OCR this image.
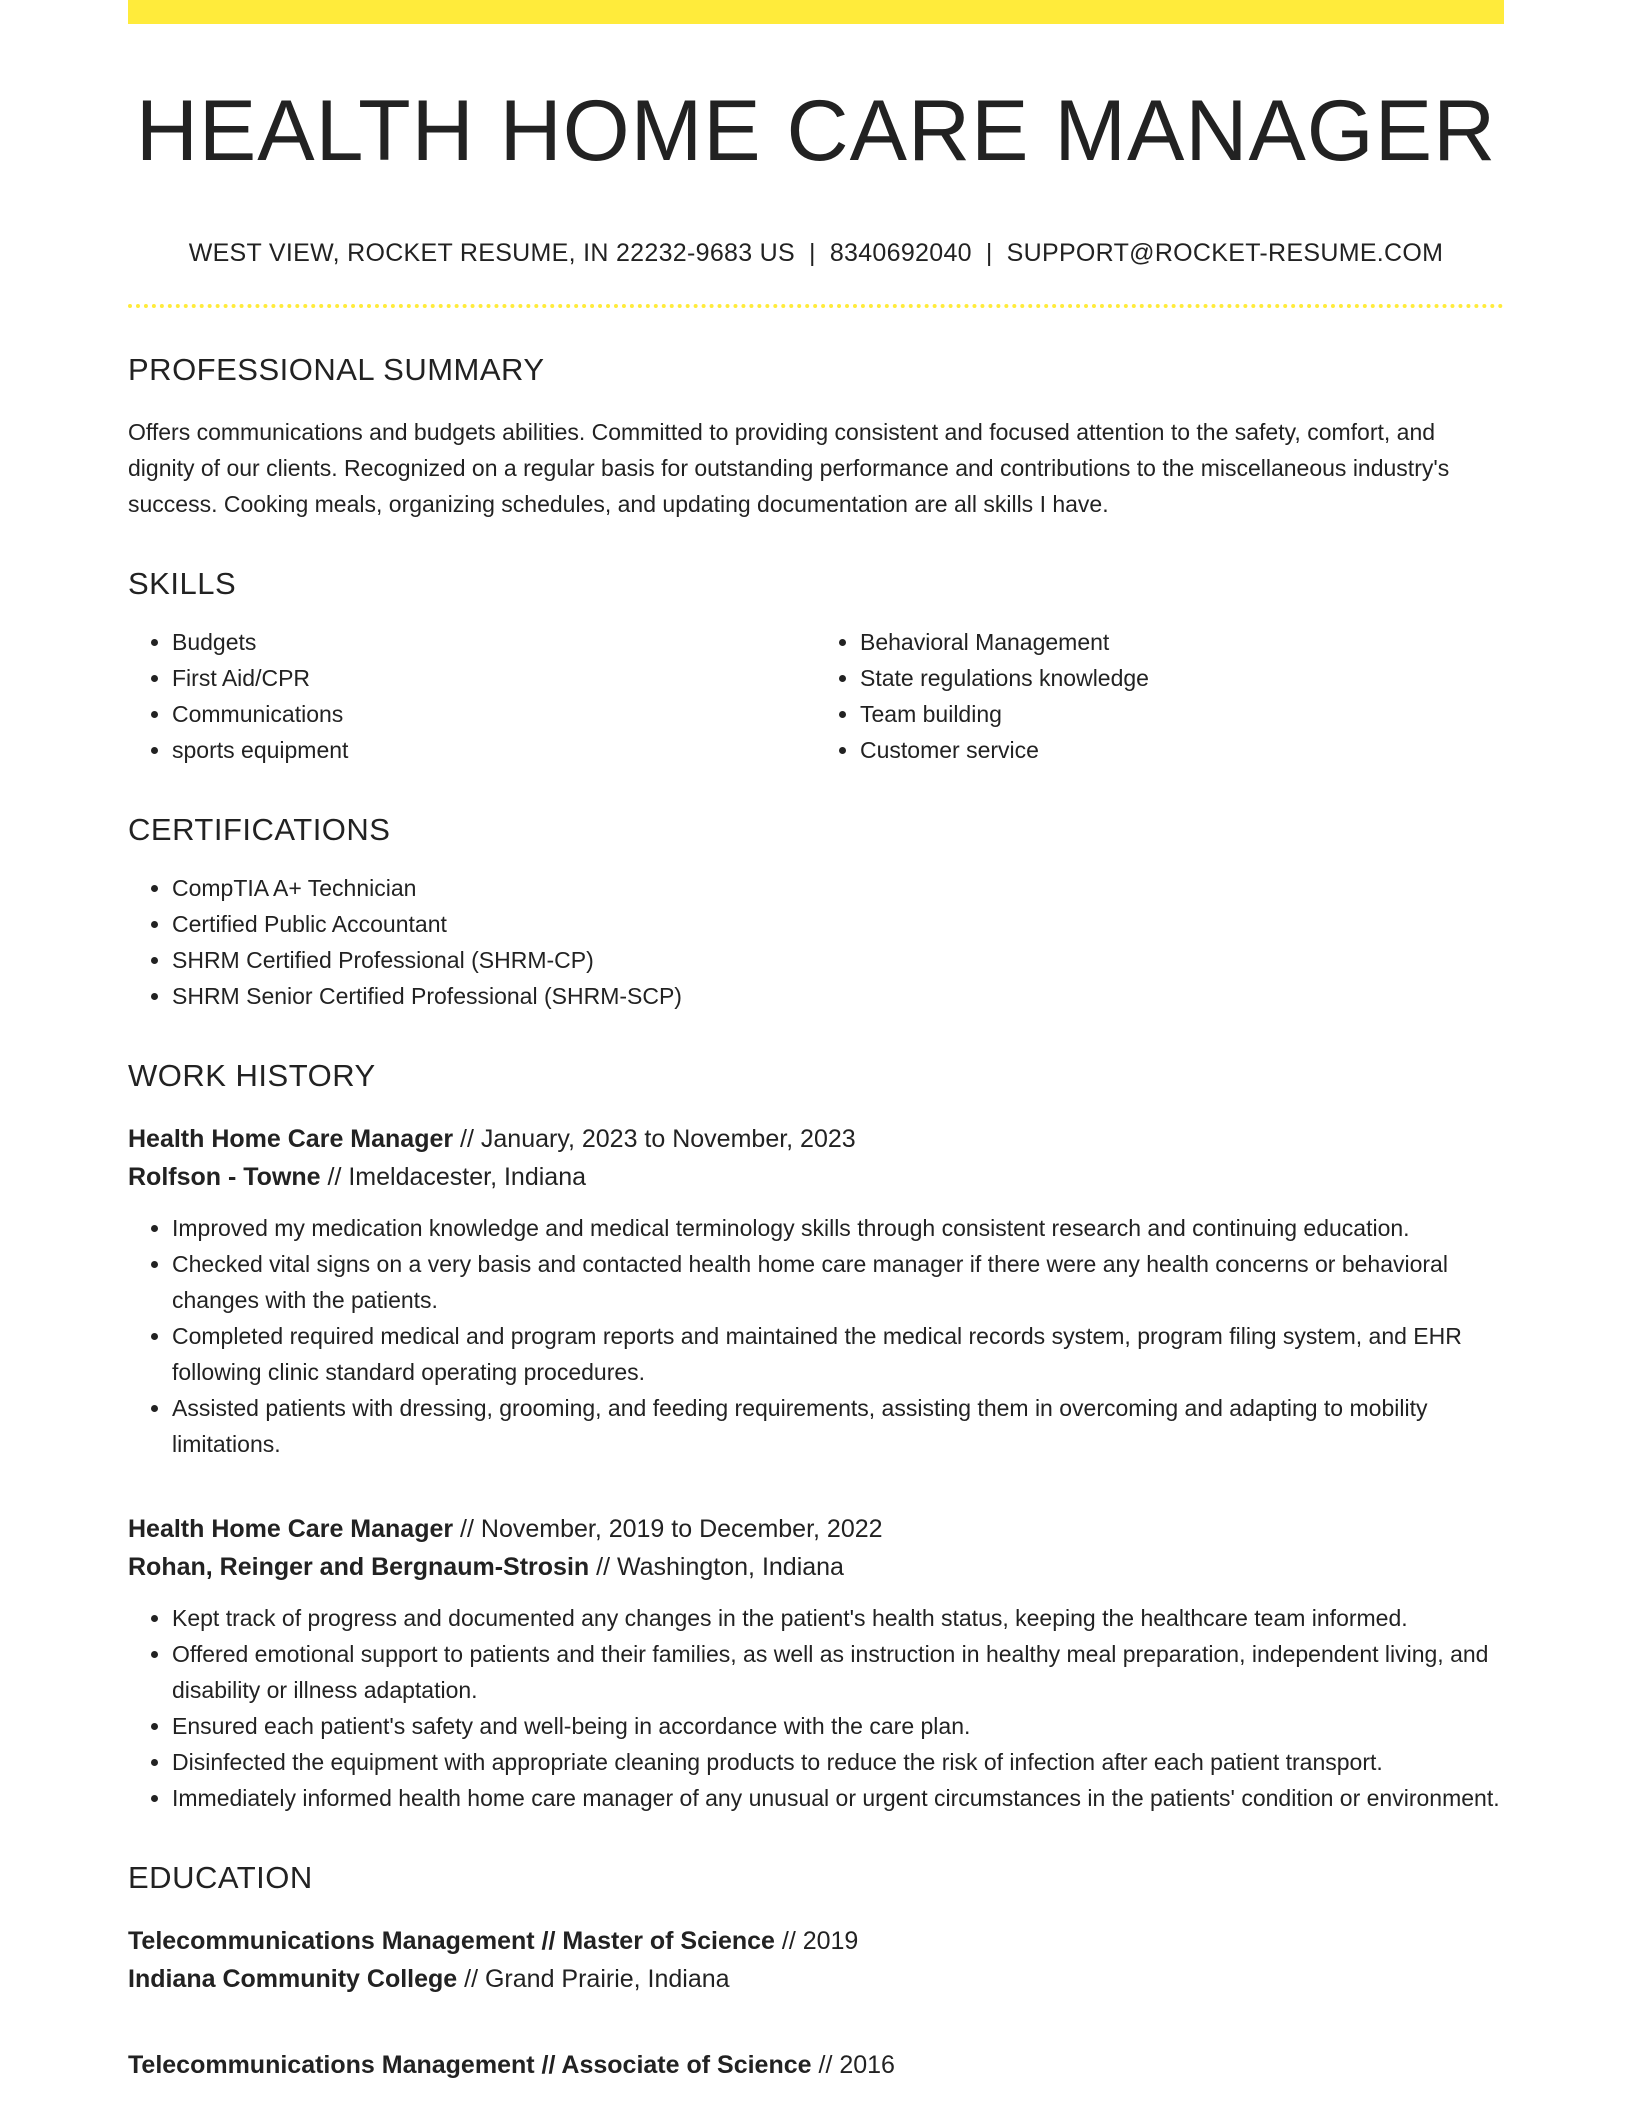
HEALTH HOME CARE MANAGER
WEST VIEW, ROCKET RESUME, IN 22232-9683 US | 8340692040 | SUPPORT@ROCKET-RESUME.COM
PROFESSIONAL SUMMARY
Offers communications and budgets abilities. Committed to providing consistent and focused attention to the safety, comfort, and dignity of our clients. Recognized on a regular basis for outstanding performance and contributions to the miscellaneous industry's success. Cooking meals, organizing schedules, and updating documentation are all skills I have.
SKILLS
• Budgets
• First Aid/CPR
• Communications
• sports equipment
• Behavioral Management
• State regulations knowledge
• Team building
• Customer service
CERTIFICATIONS
• CompTIA A+ Technician
• Certified Public Accountant
• SHRM Certified Professional (SHRM-CP)
• SHRM Senior Certified Professional (SHRM-SCP)
WORK HISTORY
Health Home Care Manager // January, 2023 to November, 2023
Rolfson - Towne // Imeldacester, Indiana
• Improved my medication knowledge and medical terminology skills through consistent research and continuing education.
• Checked vital signs on a very basis and contacted health home care manager if there were any health concerns or behavioral changes with the patients.
• Completed required medical and program reports and maintained the medical records system, program filing system, and EHR following clinic standard operating procedures.
• Assisted patients with dressing, grooming, and feeding requirements, assisting them in overcoming and adapting to mobility limitations.
Health Home Care Manager // November, 2019 to December, 2022
Rohan, Reinger and Bergnaum-Strosin // Washington, Indiana
• Kept track of progress and documented any changes in the patient's health status, keeping the healthcare team informed.
• Offered emotional support to patients and their families, as well as instruction in healthy meal preparation, independent living, and disability or illness adaptation.
• Ensured each patient's safety and well-being in accordance with the care plan.
• Disinfected the equipment with appropriate cleaning products to reduce the risk of infection after each patient transport.
• Immediately informed health home care manager of any unusual or urgent circumstances in the patients' condition or environment.
EDUCATION
Telecommunications Management // Master of Science // 2019
Indiana Community College // Grand Prairie, Indiana
Telecommunications Management // Associate of Science // 2016
